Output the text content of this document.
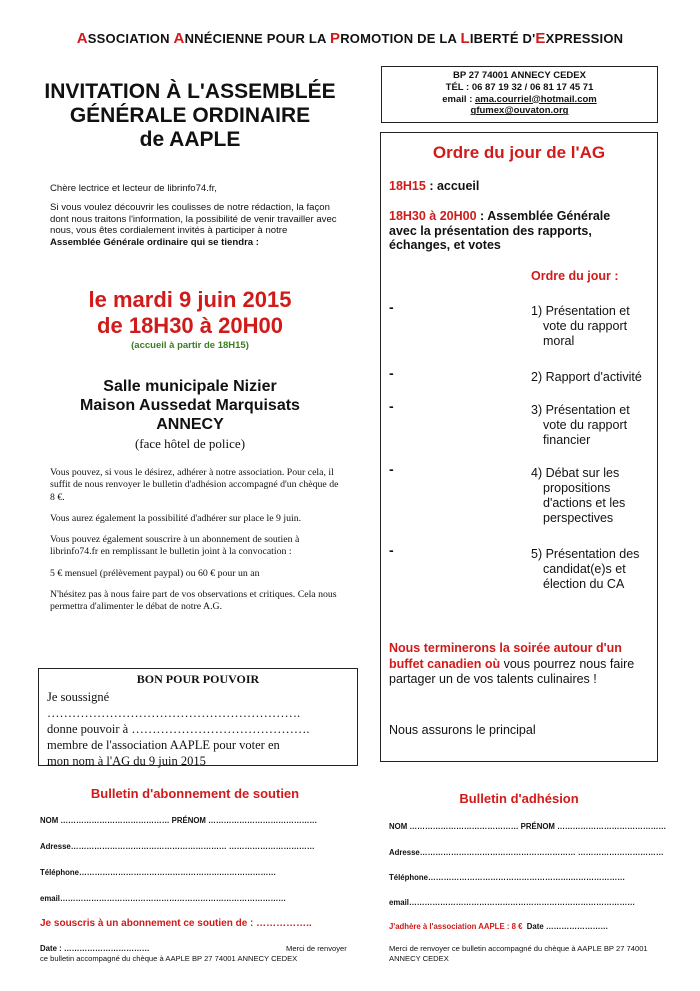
ASSOCIATION ANNÉCIENNE POUR LA PROMOTION DE LA LIBERTÉ D'EXPRESSION
INVITATION À L'ASSEMBLÉE
GÉNÉRALE ORDINAIRE
de AAPLE

Chère lectrice et lecteur de librinfo74.fr,

Si vous voulez découvrir les coulisses de notre rédaction, la façon dont nous traitons l'information, la possibilité de venir travailler avec nous, vous êtes cordialement invités à participer à notre Assemblée Générale ordinaire qui se tiendra :

le mardi 9 juin 2015
de 18H30 à 20H00
(accueil à partir de 18H15)
Salle municipale Nizier
Maison Aussedat Marquisats
ANNECY
(face hôtel de police)

Vous pouvez, si vous le désirez, adhérer à notre association. Pour cela, il suffit de nous renvoyer le bulletin d'adhésion accompagné d'un chèque de 8 €.

Vous aurez également la possibilité d'adhérer sur place le 9 juin.

Vous pouvez également souscrire à un abonnement de soutien à librinfo74.fr en remplissant le bulletin joint à la convocation :

5 € mensuel (prélèvement paypal) ou 60 € pour un an

N'hésitez pas à nous faire part de vos observations et critiques. Cela nous permettra d'alimenter le débat de notre A.G.

BON POUR POUVOIR
Je soussigné …………………………………………………….
donne pouvoir à …………………………………….
membre de l'association AAPLE pour voter en
mon nom à l'AG du 9 juin 2015
BP 27 74001 ANNECY CEDEX
TÉL : 06 87 19 32 / 06 81 17 45 71
email : ama.courriel@hotmail.com
gfumex@ouvaton.org
Ordre du jour de l'AG
18H15 : accueil
18H30 à 20H00 : Assemblée Générale
avec la présentation des rapports,
échanges, et votes
Ordre du jour :
-	1) Présentation et
vote du rapport
moral
-	2) Rapport d'activité
-	3) Présentation et
vote du rapport
financier
-	4) Débat sur les
propositions
d'actions et les
perspectives
-	5) Présentation des
candidat(e)s et
élection du CA
Nous terminerons la soirée autour d'un buffet canadien où vous pourrez nous faire partager un de vos talents culinaires !
Nous assurons le principal
Bulletin d'abonnement de soutien
NOM …………………………………… PRÉNOM ……………………………………
Adresse…………………………………………………… ……………………………
Téléphone……………………………………………….…………………
email……………………………………………………………………………
Je souscris à un abonnement ce soutien de : ……………..
Date : ……………………………	Merci de renvoyer
ce bulletin accompagné du chèque à AAPLE BP 27 74001 ANNECY CEDEX
Bulletin d'adhésion
NOM …………………………………… PRÉNOM ……………………………………
Adresse…………………………………………………… ……………………………
Téléphone……………………………………………….…………………
email……………………………………………………………………………
J'adhère à l'association AAPLE : 8 € Date ……………………
Merci de renvoyer ce bulletin accompagné du chèque à AAPLE BP 27 74001 ANNECY CEDEX
